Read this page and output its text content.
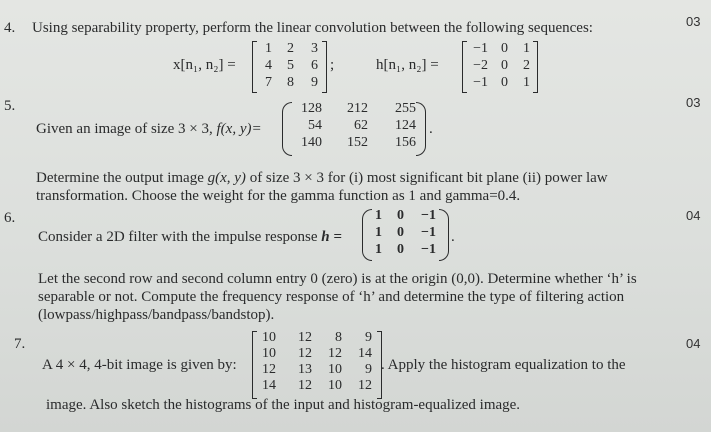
4. Using separability property, perform the linear convolution between the following sequences:	03
x[n₁, n₂] =
1	2	3
4	5	6
7	8	9
;	h[n₁, n₂] =
−1 0	1
−2 0	2
−1 0	1
5.	03
Given an image of size 3 × 3, f(x, y)=
128	212	255
54	62	124
140	152	156
.
Determine the output image g(x, y) of size 3 × 3 for (i) most significant bit plane (ii) power law
transformation. Choose the weight for the gamma function as 1 and gamma=0.4.
6.	04
Consider a 2D filter with the impulse response h =
1	0	−1
1	0	−1
1	0	−1
.
Let the second row and second column entry 0 (zero) is at the origin (0,0). Determine whether ‘h’ is
separable or not. Compute the frequency response of ‘h’ and determine the type of filtering action
(lowpass/highpass/bandpass/bandstop).
7.	04
A 4 × 4, 4-bit image is given by:
10	12	8	9
10	12	12	14
12	13	10	9
14	12	10	12
. Apply the histogram equalization to the
image. Also sketch the histograms of the input and histogram-equalized image.
